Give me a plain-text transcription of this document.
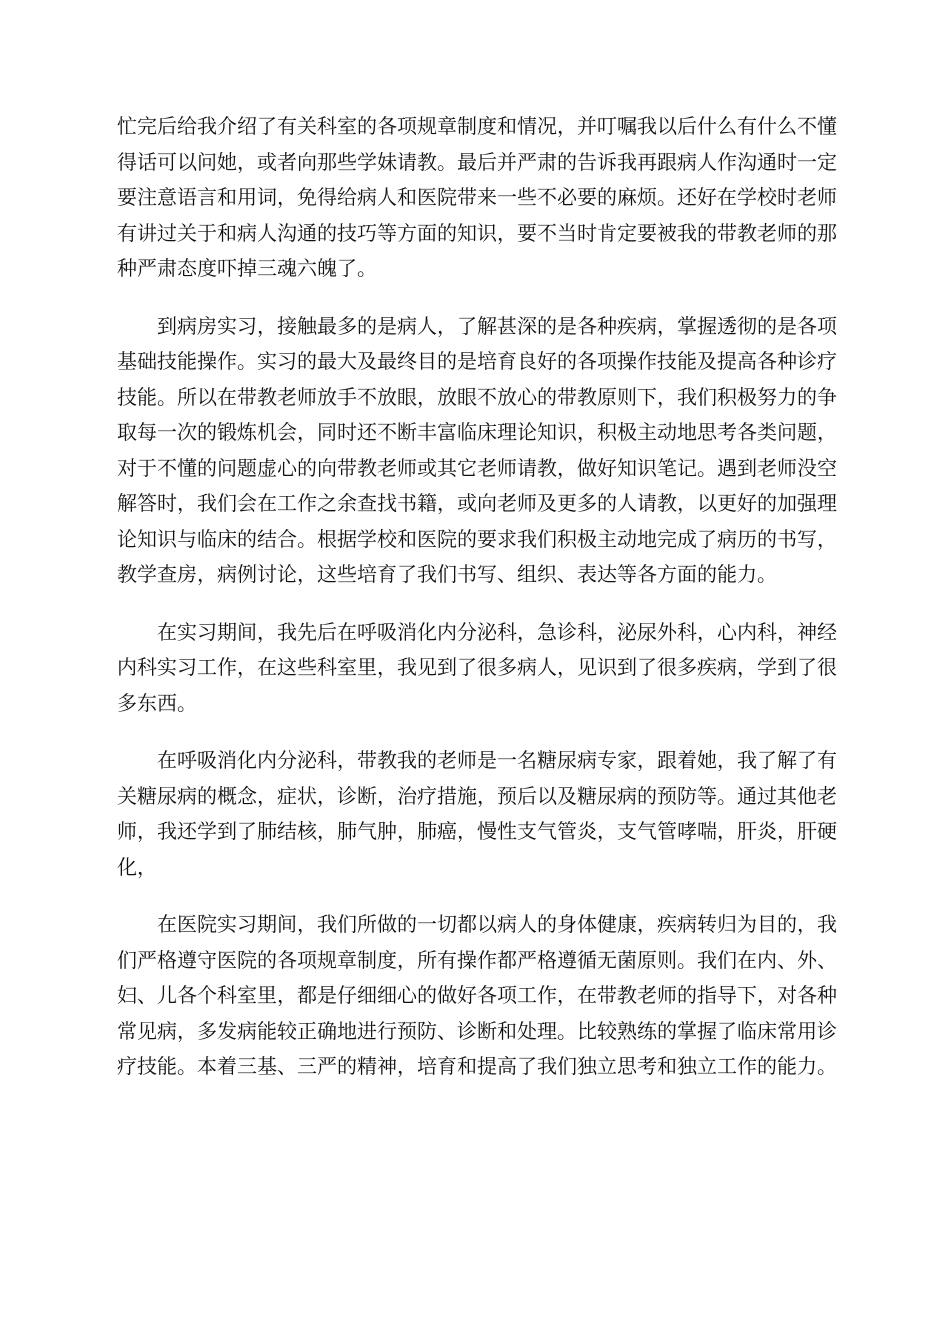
忙完后给我介绍了有关科室的各项规章制度和情况，并叮嘱我以后什么有什么不懂得话可以问她，或者向那些学妹请教。最后并严肃的告诉我再跟病人作沟通时一定要注意语言和用词，免得给病人和医院带来一些不必要的麻烦。还好在学校时老师有讲过关于和病人沟通的技巧等方面的知识，要不当时肯定要被我的带教老师的那种严肃态度吓掉三魂六魄了。

到病房实习，接触最多的是病人，了解甚深的是各种疾病，掌握透彻的是各项基础技能操作。实习的最大及最终目的是培育良好的各项操作技能及提高各种诊疗技能。所以在带教老师放手不放眼，放眼不放心的带教原则下，我们积极努力的争取每一次的锻炼机会，同时还不断丰富临床理论知识，积极主动地思考各类问题，对于不懂的问题虚心的向带教老师或其它老师请教，做好知识笔记。遇到老师没空解答时，我们会在工作之余查找书籍，或向老师及更多的人请教，以更好的加强理论知识与临床的结合。根据学校和医院的要求我们积极主动地完成了病历的书写，教学查房，病例讨论，这些培育了我们书写、组织、表达等各方面的能力。

在实习期间，我先后在呼吸消化内分泌科，急诊科，泌尿外科，心内科，神经内科实习工作，在这些科室里，我见到了很多病人，见识到了很多疾病，学到了很多东西。

在呼吸消化内分泌科，带教我的老师是一名糖尿病专家，跟着她，我了解了有关糖尿病的概念，症状，诊断，治疗措施，预后以及糖尿病的预防等。通过其他老师，我还学到了肺结核，肺气肿，肺癌，慢性支气管炎，支气管哮喘，肝炎，肝硬化，

在医院实习期间，我们所做的一切都以病人的身体健康，疾病转归为目的，我们严格遵守医院的各项规章制度，所有操作都严格遵循无菌原则。我们在内、外、妇、儿各个科室里，都是仔细细心的做好各项工作，在带教老师的指导下，对各种常见病，多发病能较正确地进行预防、诊断和处理。比较熟练的掌握了临床常用诊疗技能。本着三基、三严的精神，培育和提高了我们独立思考和独立工作的能力。
